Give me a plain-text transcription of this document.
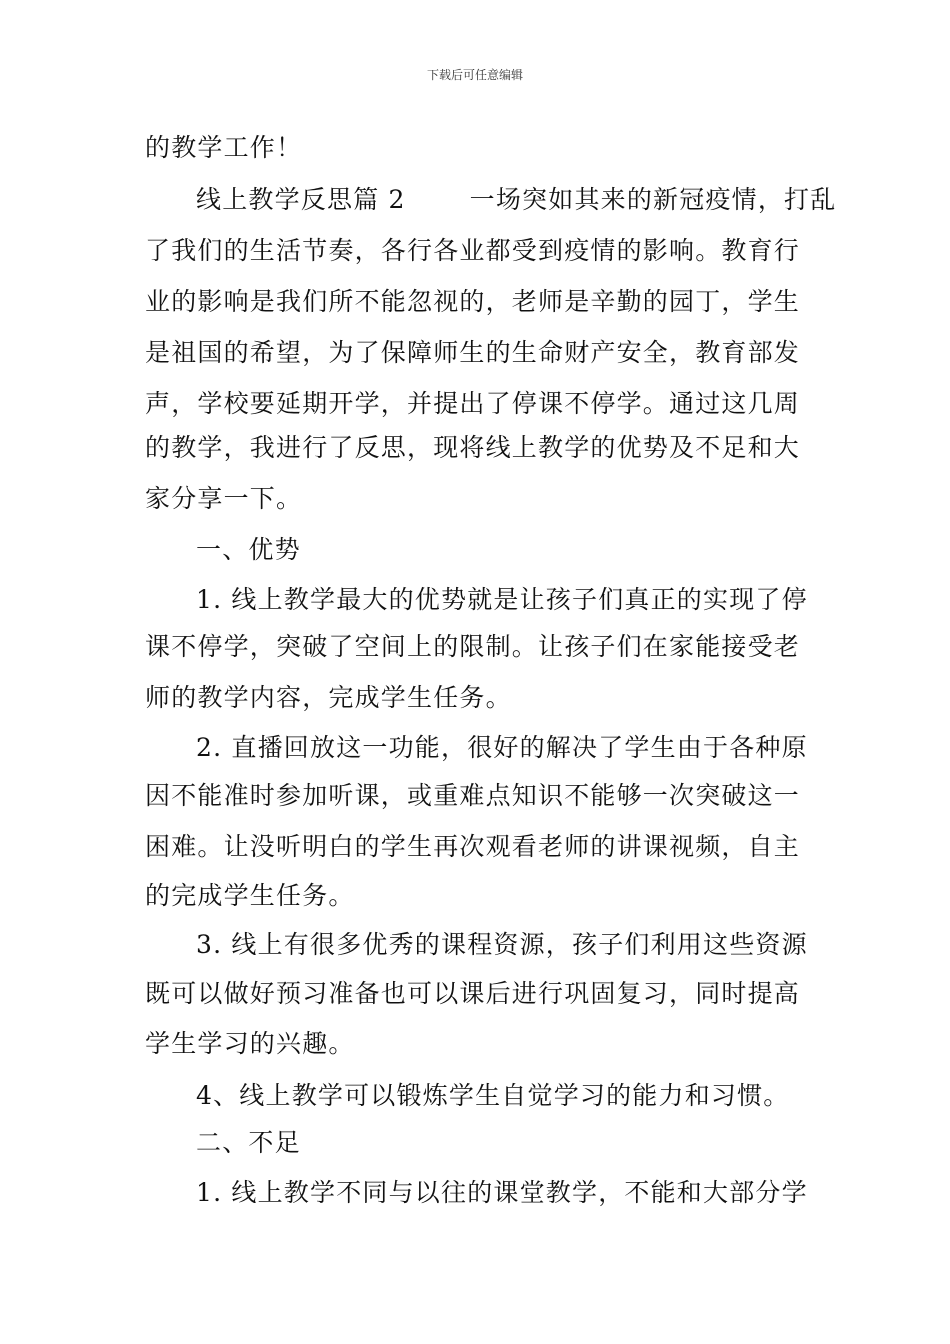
下载后可任意编辑
的教学工作！
线上教学反思篇 2	一场突如其来的新冠疫情，打乱
了我们的生活节奏，各行各业都受到疫情的影响。教育行
业的影响是我们所不能忽视的，老师是辛勤的园丁，学生
是祖国的希望，为了保障师生的生命财产安全，教育部发
声，学校要延期开学，并提出了停课不停学。通过这几周
的教学，我进行了反思，现将线上教学的优势及不足和大
家分享一下。
一、优势
1. 线上教学最大的优势就是让孩子们真正的实现了停
课不停学，突破了空间上的限制。让孩子们在家能接受老
师的教学内容，完成学生任务。
2. 直播回放这一功能，很好的解决了学生由于各种原
因不能准时参加听课，或重难点知识不能够一次突破这一
困难。让没听明白的学生再次观看老师的讲课视频，自主
的完成学生任务。
3. 线上有很多优秀的课程资源，孩子们利用这些资源
既可以做好预习准备也可以课后进行巩固复习，同时提高
学生学习的兴趣。
4、线上教学可以锻炼学生自觉学习的能力和习惯。
二、不足
1. 线上教学不同与以往的课堂教学，不能和大部分学
